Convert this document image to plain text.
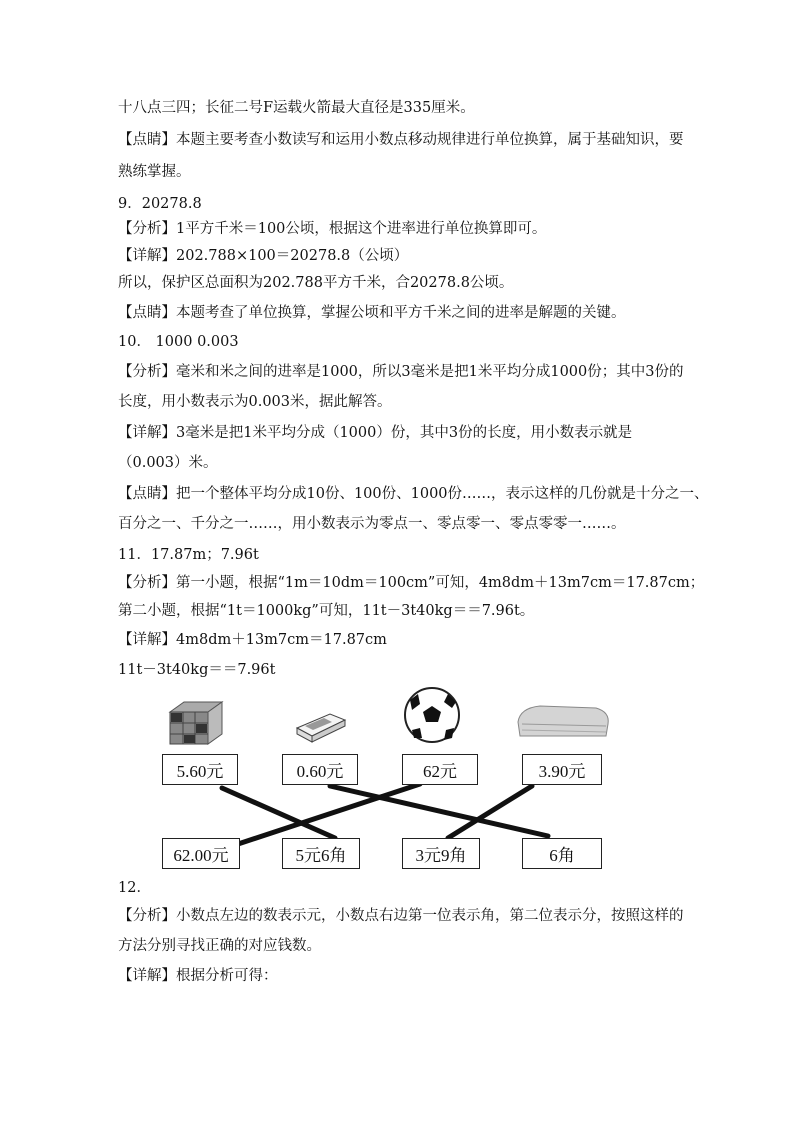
十八点三四；长征二号F运载火箭最大直径是335厘米。
【点睛】本题主要考查小数读写和运用小数点移动规律进行单位换算，属于基础知识，要
熟练掌握。
9．20278.8
【分析】1平方千米＝100公顷，根据这个进率进行单位换算即可。
【详解】202.788×100＝20278.8（公顷）
所以，保护区总面积为202.788平方千米，合20278.8公顷。
【点睛】本题考查了单位换算，掌握公顷和平方千米之间的进率是解题的关键。
10． 1000 0.003
【分析】毫米和米之间的进率是1000，所以3毫米是把1米平均分成1000份；其中3份的
长度，用小数表示为0.003米，据此解答。
【详解】3毫米是把1米平均分成（1000）份，其中3份的长度，用小数表示就是
（0.003）米。
【点睛】把一个整体平均分成10份、100份、1000份……，表示这样的几份就是十分之一、
百分之一、千分之一……，用小数表示为零点一、零点零一、零点零零一……。
11．17.87m；7.96t
【分析】第一小题，根据“1m＝10dm＝100cm”可知，4m8dm＋13m7cm＝17.87cm；
第二小题，根据“1t＝1000kg”可知，11t－3t40kg＝＝7.96t。
【详解】4m8dm＋13m7cm＝17.87cm
11t－3t40kg＝＝7.96t
5.60元	0.60元	62元	3.90元
62.00元	5元6角	3元9角	6角
12．
【分析】小数点左边的数表示元，小数点右边第一位表示角，第二位表示分，按照这样的
方法分别寻找正确的对应钱数。
【详解】根据分析可得：
